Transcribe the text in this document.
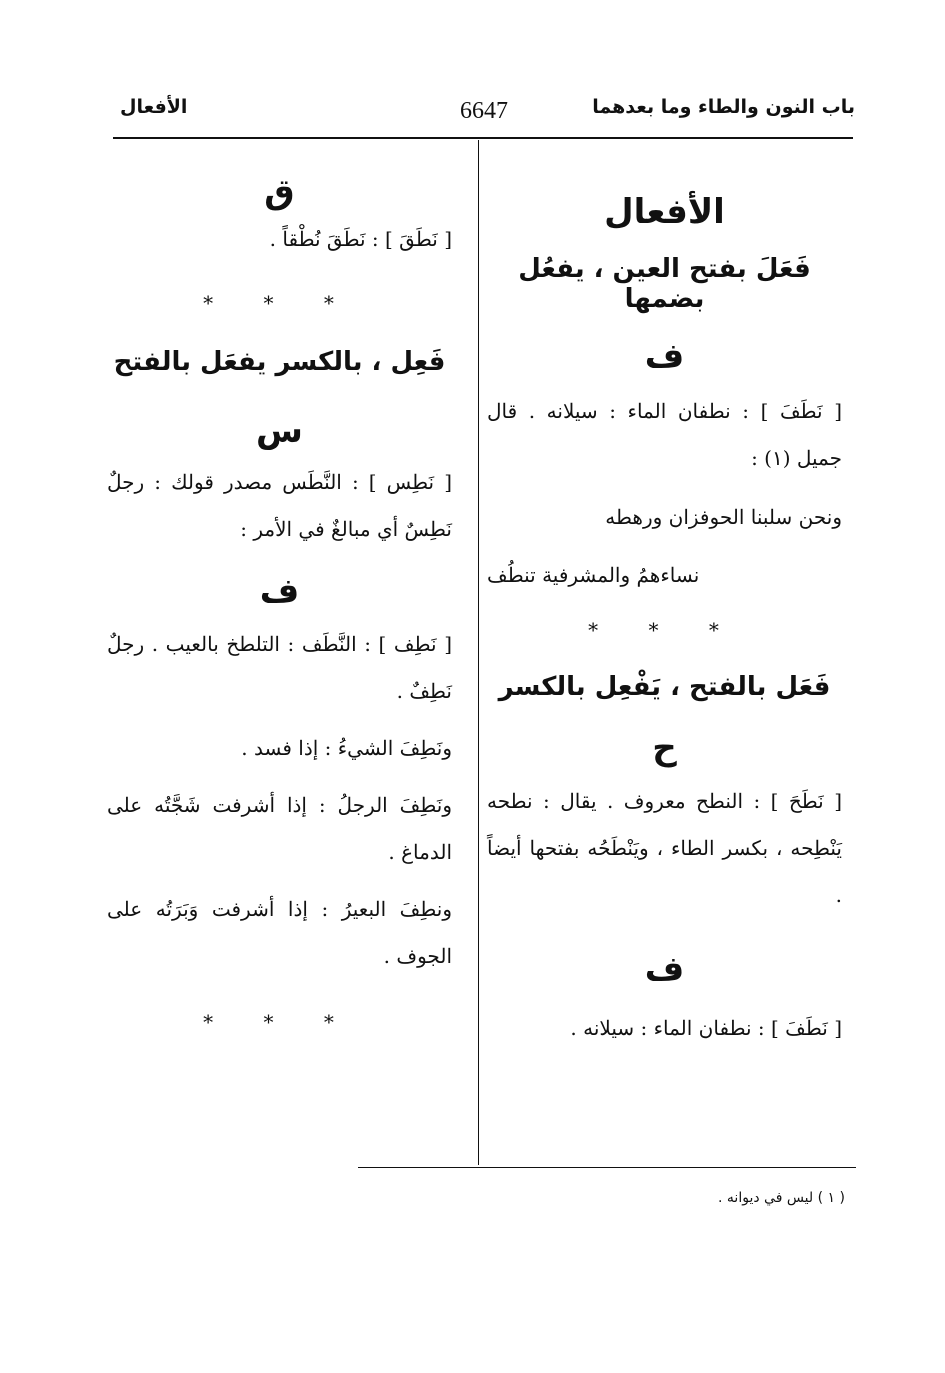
باب النون والطاء وما بعدهما
6647
الأفعال
الأفعال
فَعَلَ بفتح العين ، يفعُل بضمها
ف
[ نَطَفَ ] : نطفان الماء : سيلانه . قال جميل (١) :
ونحن سلبنا الحوفزان ورهطه
نساءهمُ والمشرفية تنطُف
* * *
فَعَل بالفتح ، يَفْعِل بالكسر
ح
[ نَطَحَ ] : النطح معروف . يقال : نطحه يَنْطِحه ، بكسر الطاء ، ويَنْطَحُه بفتحها أيضاً .
ف
[ نَطَفَ ] : نطفان الماء : سيلانه .
ق
[ نَطَقَ ] : نَطَقَ نُطْقاً .
* * *
فَعِل ، بالكسر يفعَل بالفتح
س
[ نَطِس ] : النَّطَس مصدر قولك : رجلٌ نَطِسٌ أي مبالغٌ في الأمر :
ف
[ نَطِف ] : النَّطَف : التلطخ بالعيب . رجلٌ نَطِفٌ .
ونَطِفَ الشيءُ : إذا فسد .
ونَطِفَ الرجلُ : إذا أشرفت شَجَّتُه على الدماغ .
ونطِفَ البعيرُ : إذا أشرفت وَبَرَتُه على الجوف .
* * *
( ١ ) ليس في ديوانه .
